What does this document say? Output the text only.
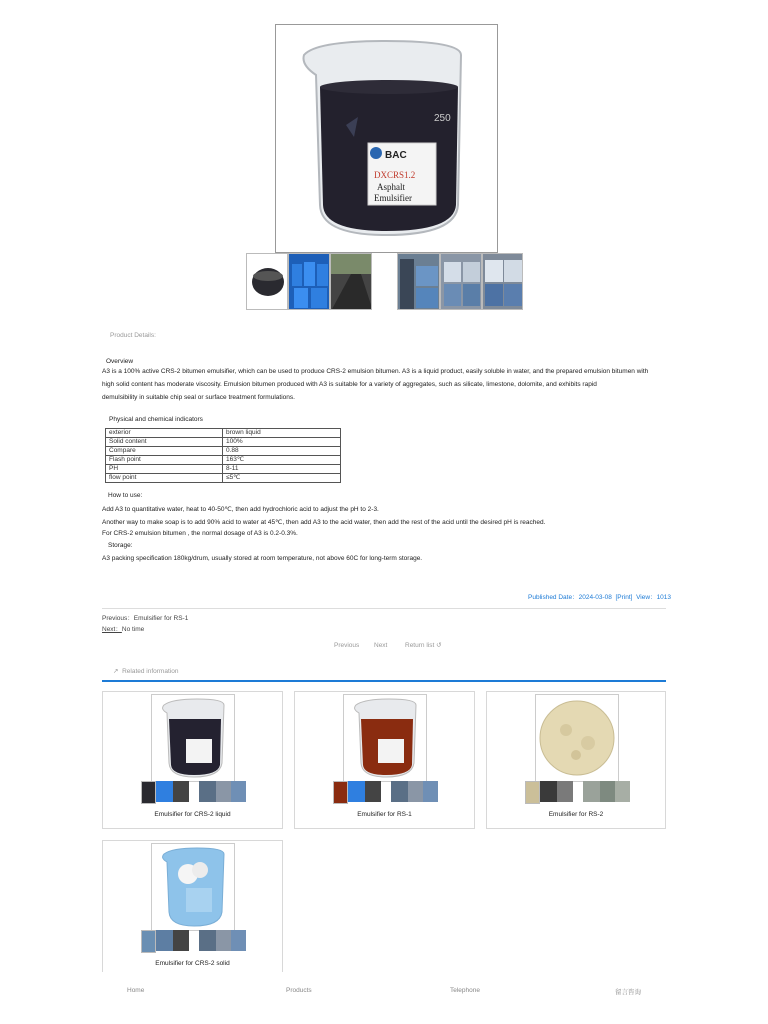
BAC
DXCRS1.2
Asphalt
Emulsifier
250
Product Details:
Overview
A3 is a 100% active CRS-2 bitumen emulsifier, which can be used to produce CRS-2 emulsion bitumen. A3 is a liquid product, easily soluble in water, and the prepared emulsion bitumen with
high solid content has moderate viscosity. Emulsion bitumen produced with A3 is suitable for a variety of aggregates, such as silicate, limestone, dolomite, and exhibits rapid
demulsibility in suitable chip seal or surface treatment formulations.
Physical and chemical indicators
exterior	brown liquid
Solid content	100%
Compare	0.88
Flash point	163℃
PH	8-11
flow point	≤5℃
How to use:
Add A3 to quantitative water, heat to 40-50℃, then add hydrochloric acid to adjust the pH to 2-3.
Another way to make soap is to add 90% acid to water at 45℃, then add A3 to the acid water, then add the rest of the acid until the desired pH is reached.
For CRS-2 emulsion bitumen , the normal dosage of A3 is 0.2-0.3%.
Storage:
A3 packing specification 180kg/drum, usually stored at room temperature, not above 60C for long-term storage.
Published Date：2024-03-08 [Print] View：1013
Previous：Emulsifier for RS-1
Next：No time
Previous Next	Return list ↺
↗ Related information
Emulsifier for CRS-2 liquid	Emulsifier for RS-1	Emulsifier for RS-2
Emulsifier for CRS-2 solid
Home	Products	Telephone	留言咨询
